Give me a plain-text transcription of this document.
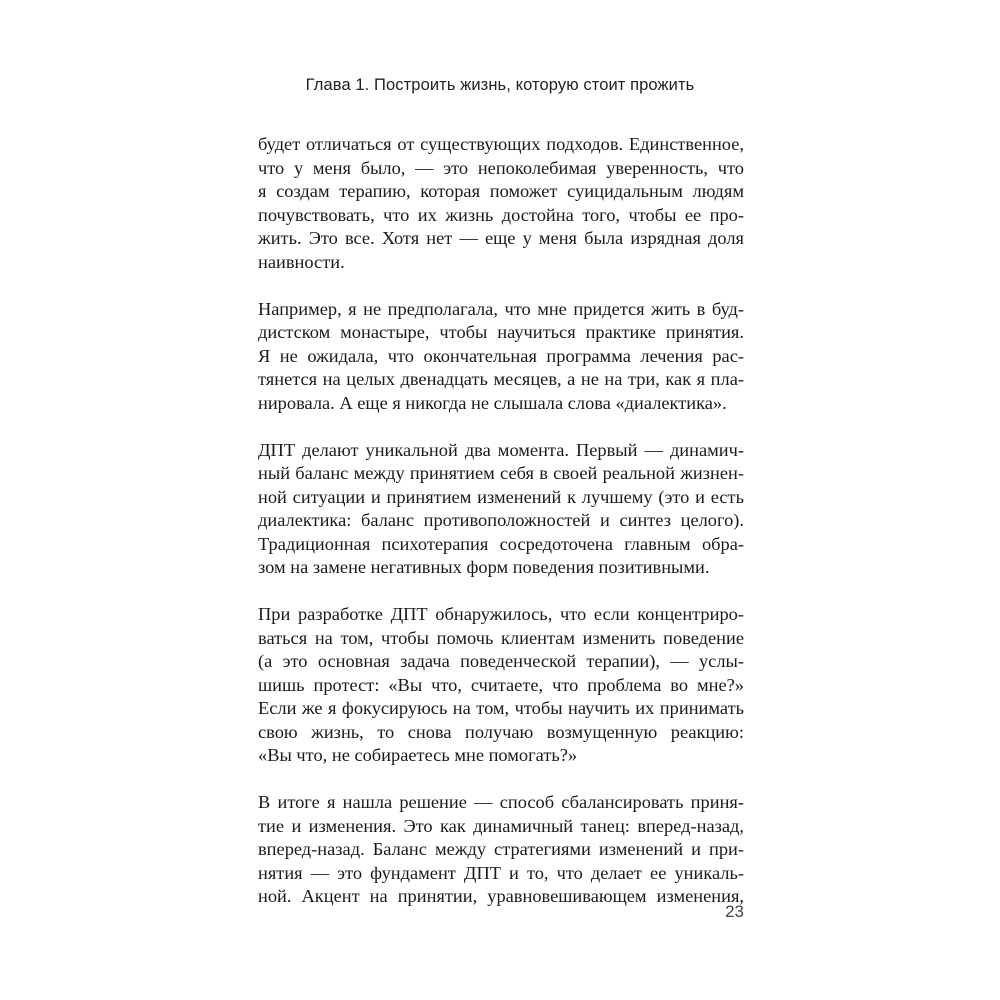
Глава 1. Построить жизнь, которую стоит прожить

будет отличаться от существующих подходов. Единственное,
что у меня было, — это непоколебимая уверенность, что
я создам терапию, которая поможет суицидальным людям
почувствовать, что их жизнь достойна того, чтобы ее про-
жить. Это все. Хотя нет — еще у меня была изрядная доля
наивности.

Например, я не предполагала, что мне придется жить в буд-
дистском монастыре, чтобы научиться практике принятия.
Я не ожидала, что окончательная программа лечения рас-
тянется на целых двенадцать месяцев, а не на три, как я пла-
нировала. А еще я никогда не слышала слова «диалектика».

ДПТ делают уникальной два момента. Первый — динамич-
ный баланс между принятием себя в своей реальной жизнен-
ной ситуации и принятием изменений к лучшему (это и есть
диалектика: баланс противоположностей и синтез целого).
Традиционная психотерапия сосредоточена главным обра-
зом на замене негативных форм поведения позитивными.

При разработке ДПТ обнаружилось, что если концентриро-
ваться на том, чтобы помочь клиентам изменить поведение
(а это основная задача поведенческой терапии), — услы-
шишь протест: «Вы что, считаете, что проблема во мне?»
Если же я фокусируюсь на том, чтобы научить их принимать
свою жизнь, то снова получаю возмущенную реакцию:
«Вы что, не собираетесь мне помогать?»

В итоге я нашла решение — способ сбалансировать приня-
тие и изменения. Это как динамичный танец: вперед-назад,
вперед-назад. Баланс между стратегиями изменений и при-
нятия — это фундамент ДПТ и то, что делает ее уникаль-
ной. Акцент на принятии, уравновешивающем изменения,

23
